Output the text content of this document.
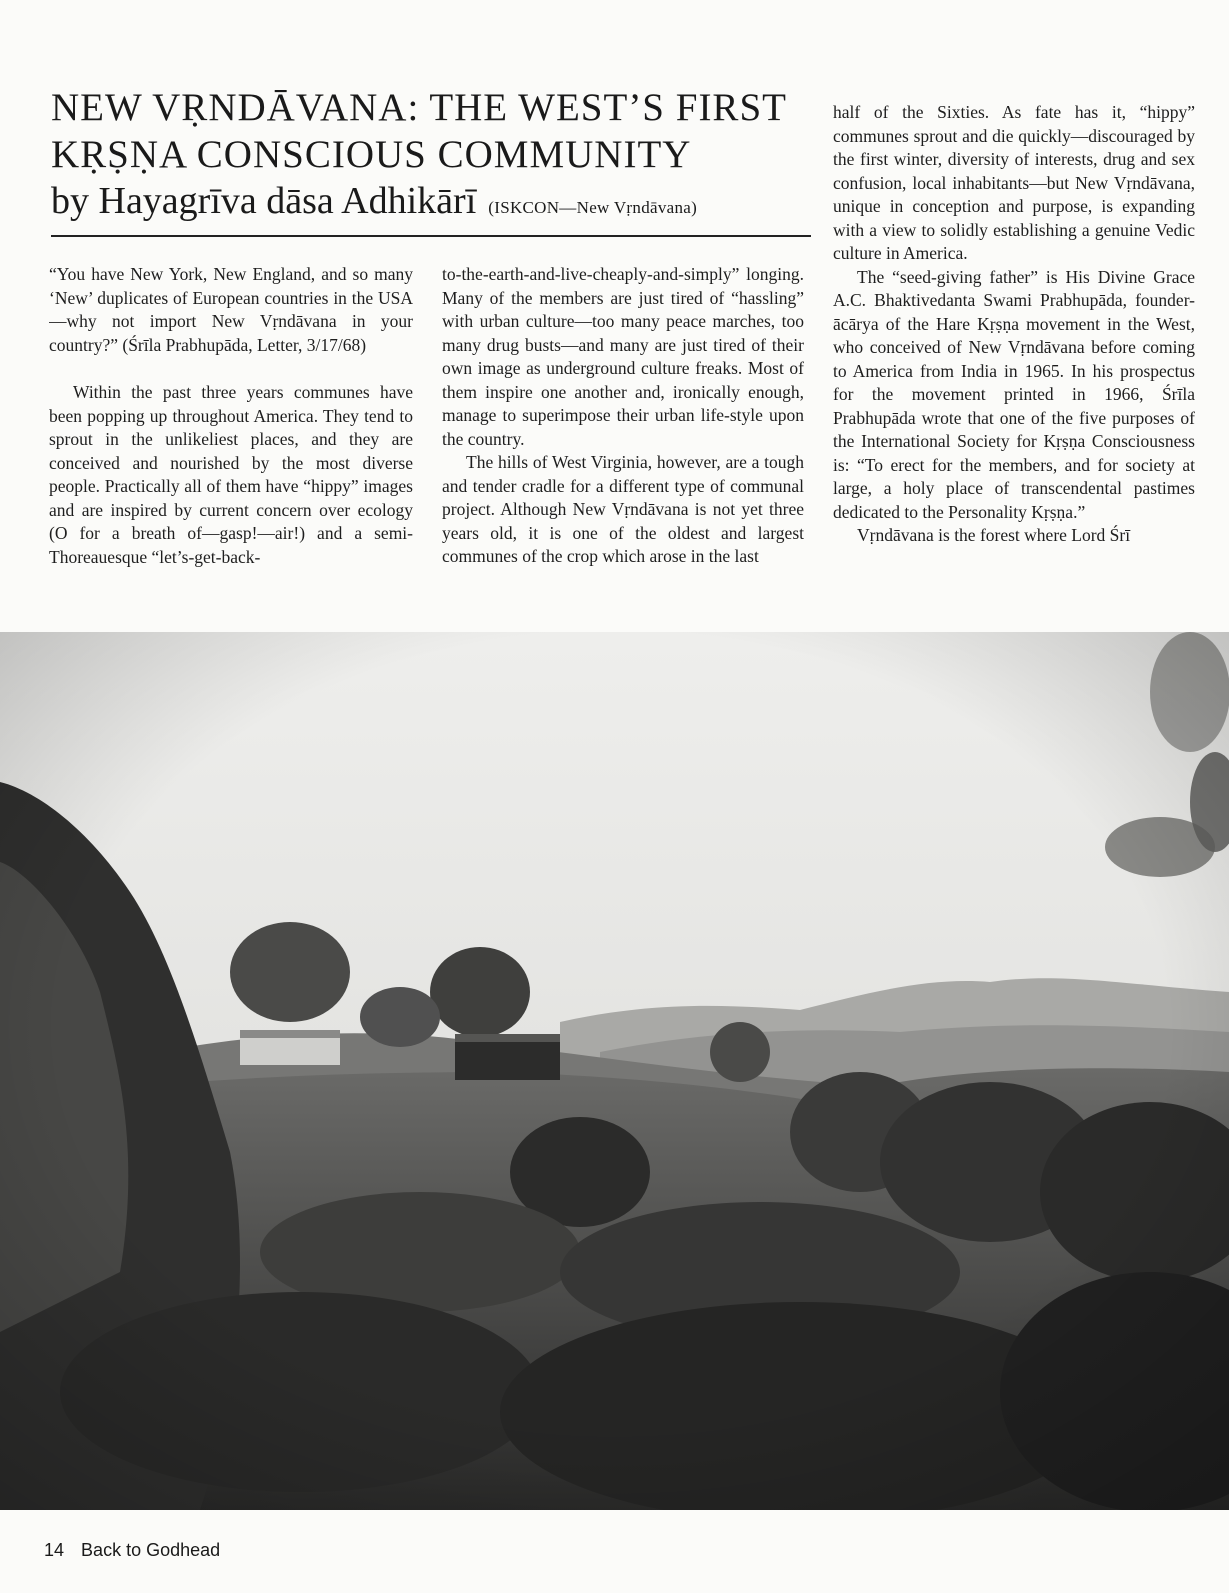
NEW VṚNDĀVANA: THE WEST’S FIRST KṚṢṆA CONSCIOUS COMMUNITY
by Hayagrīva dāsa Adhikārī (ISKCON—New Vṛndāvana)

“You have New York, New England, and so many ‘New’ duplicates of European countries in the USA—why not import New Vṛndāvana in your country?” (Śrīla Prabhupāda, Letter, 3/17/68)

Within the past three years communes have been popping up throughout America. They tend to sprout in the unlikeliest places, and they are conceived and nourished by the most diverse people. Practically all of them have “hippy” images and are inspired by current concern over ecology (O for a breath of—gasp!—air!) and a semi-Thoreauesque “let’s-get-back-

to-the-earth-and-live-cheaply-and-simply” longing. Many of the members are just tired of “hassling” with urban culture—too many peace marches, too many drug busts—and many are just tired of their own image as underground culture freaks. Most of them inspire one another and, ironically enough, manage to superimpose their urban life-style upon the country.

The hills of West Virginia, however, are a tough and tender cradle for a different type of communal project. Although New Vṛndāvana is not yet three years old, it is one of the oldest and largest communes of the crop which arose in the last

half of the Sixties. As fate has it, “hippy” communes sprout and die quickly—discouraged by the first winter, diversity of interests, drug and sex confusion, local inhabitants—but New Vṛndāvana, unique in conception and purpose, is expanding with a view to solidly establishing a genuine Vedic culture in America.

The “seed-giving father” is His Divine Grace A.C. Bhaktivedanta Swami Prabhupāda, founder-ācārya of the Hare Kṛṣṇa movement in the West, who conceived of New Vṛndāvana before coming to America from India in 1965. In his prospectus for the movement printed in 1966, Śrīla Prabhupāda wrote that one of the five purposes of the International Society for Kṛṣṇa Consciousness is: “To erect for the members, and for society at large, a holy place of transcendental pastimes dedicated to the Personality Kṛṣṇa.”

Vṛndāvana is the forest where Lord Śrī

14 Back to Godhead
